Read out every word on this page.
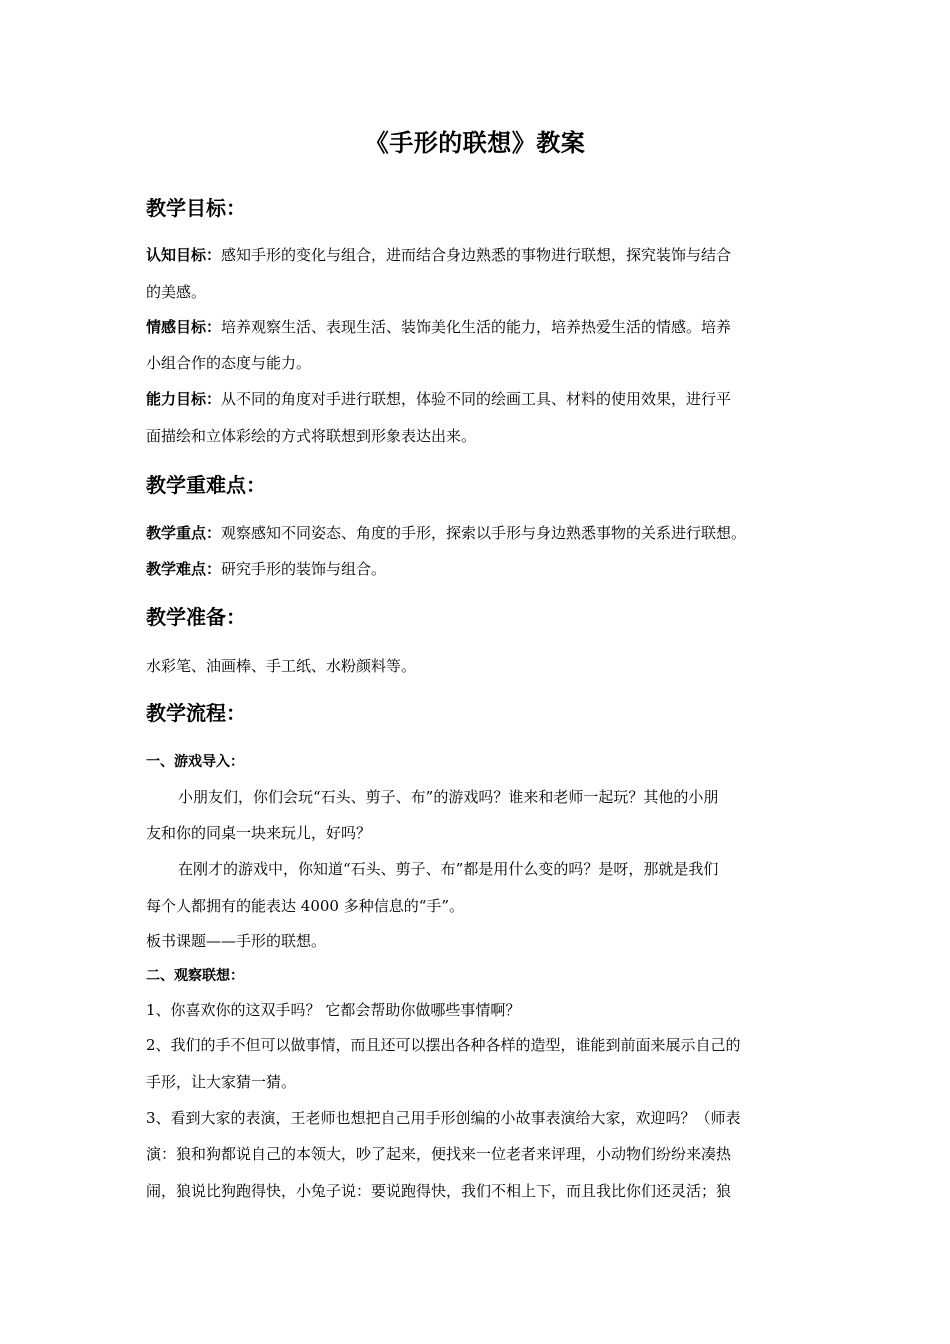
《手形的联想》教案
教学目标：
认知目标：感知手形的变化与组合，进而结合身边熟悉的事物进行联想，探究装饰与结合
的美感。
情感目标：培养观察生活、表现生活、装饰美化生活的能力，培养热爱生活的情感。培养
小组合作的态度与能力。
能力目标：从不同的角度对手进行联想，体验不同的绘画工具、材料的使用效果，进行平
面描绘和立体彩绘的方式将联想到形象表达出来。
教学重难点：
教学重点：观察感知不同姿态、角度的手形，探索以手形与身边熟悉事物的关系进行联想。
教学难点：研究手形的装饰与组合。
教学准备：
水彩笔、油画棒、手工纸、水粉颜料等。
教学流程：
一、游戏导入：
小朋友们，你们会玩“石头、剪子、布”的游戏吗？谁来和老师一起玩？其他的小朋
友和你的同桌一块来玩儿，好吗？
在刚才的游戏中，你知道“石头、剪子、布”都是用什么变的吗？是呀，那就是我们
每个人都拥有的能表达 4000 多种信息的“手”。
板书课题——手形的联想。
二、观察联想：
1、你喜欢你的这双手吗？ 它都会帮助你做哪些事情啊？
2、我们的手不但可以做事情，而且还可以摆出各种各样的造型，谁能到前面来展示自己的
手形，让大家猜一猜。
3、看到大家的表演，王老师也想把自己用手形创编的小故事表演给大家，欢迎吗？（师表
演：狼和狗都说自己的本领大，吵了起来，便找来一位老者来评理，小动物们纷纷来凑热
闹，狼说比狗跑得快，小兔子说：要说跑得快，我们不相上下，而且我比你们还灵活；狼
